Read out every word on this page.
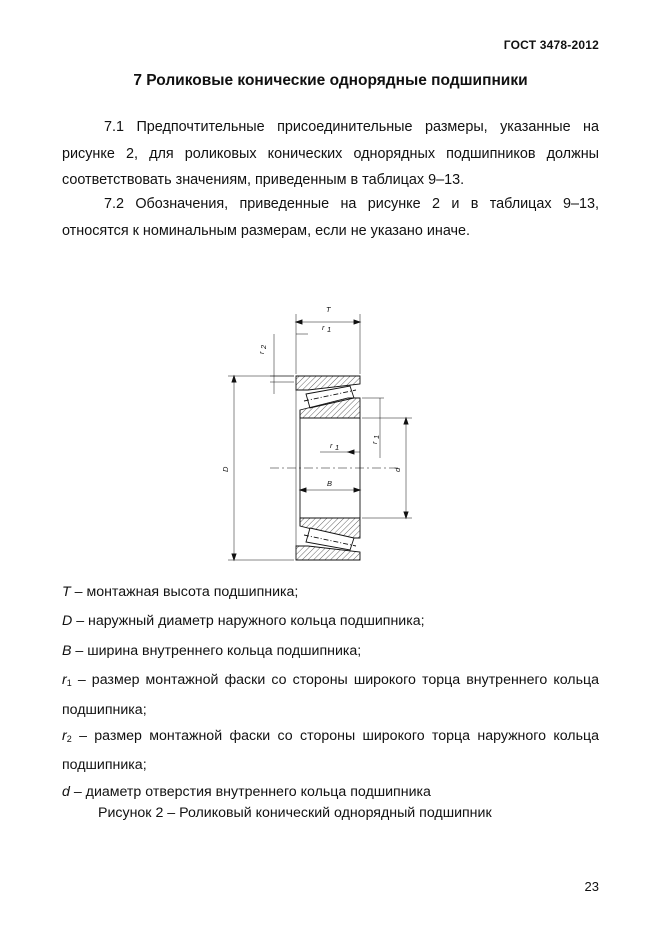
ГОСТ 3478-2012
7 Роликовые конические однорядные подшипники

7.1 Предпочтительные присоединительные размеры, указанные на рисунке 2, для роликовых конических однорядных подшипников должны соответствовать значениям, приведенным в таблицах 9–13.

7.2 Обозначения, приведенные на рисунке 2 и в таблицах 9–13, относятся к номинальным размерам, если не указано иначе.

T
r 1
r
2
D
r
1
r 1
B
d
T – монтажная высота подшипника;
D – наружный диаметр наружного кольца подшипника;
B – ширина внутреннего кольца подшипника;
$r_1$ – размер монтажной фаски со стороны широкого торца внутреннего кольца подшипника;
$r_2$ – размер монтажной фаски со стороны широкого торца наружного кольца подшипника;
d – диаметр отверстия внутреннего кольца подшипника
Рисунок 2 – Роликовый конический однорядный подшипник
23
